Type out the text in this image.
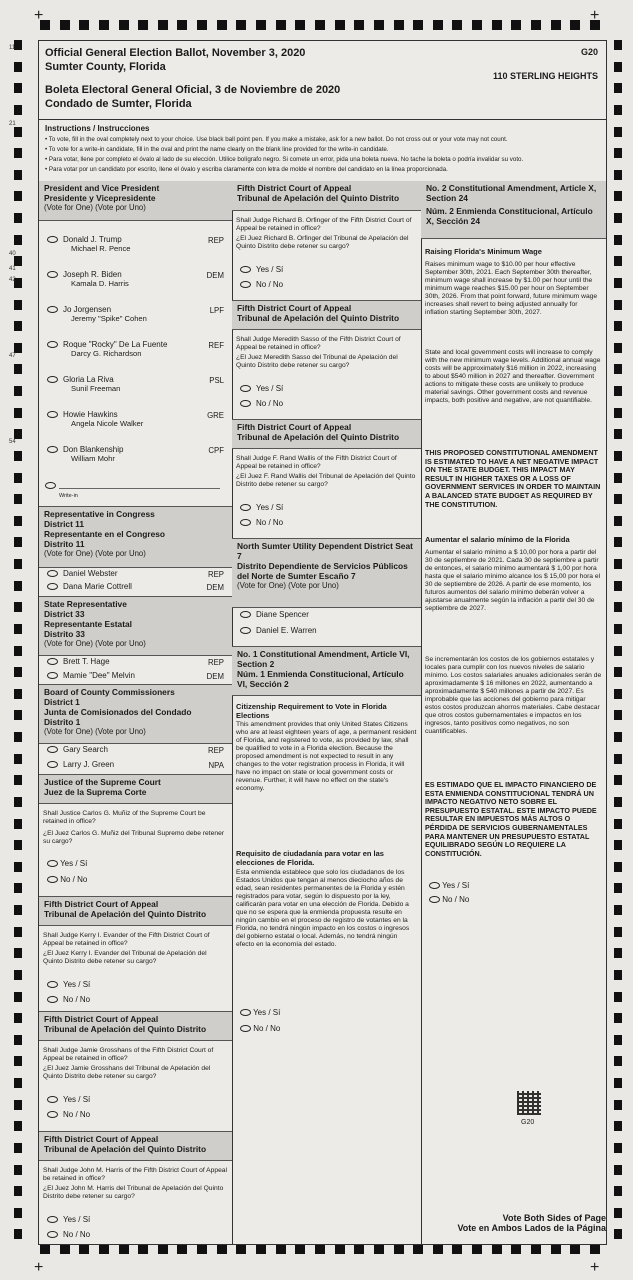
+	+
+	+
11
21
40
41
42
47
54
Official General Election Ballot, November 3, 2020
Sumter County, Florida
Boleta Electoral General Oficial, 3 de Noviembre de 2020
Condado de Sumter, Florida
G20
110 STERLING HEIGHTS
Instructions / Instrucciones
• To vote, fill in the oval completely next to your choice. Use black ball point pen. If you make a mistake, ask for a new ballot. Do not cross out or your vote may not count.
• To vote for a write-in candidate, fill in the oval and print the name clearly on the blank line provided for the write-in candidate.
• Para votar, llene por completo el óvalo al lado de su elección. Utilice bolígrafo negro. Si comete un error, pida una boleta nueva. No tache la boleta o podría invalidar su voto.
• Para votar por un candidato por escrito, llene el óvalo y escriba claramente con letra de molde el nombre del candidato en la línea proporcionada.
President and Vice President
Presidente y Vicepresidente
(Vote for One) (Vote por Uno)
Donald J. Trump
Michael R. Pence
REP
Joseph R. Biden
Kamala D. Harris
DEM
Jo Jorgensen
Jeremy "Spike" Cohen
LPF
Roque "Rocky" De La Fuente
Darcy G. Richardson
REF
Gloria La Riva
Sunil Freeman
PSL
Howie Hawkins
Angela Nicole Walker
GRE
Don Blankenship
William Mohr
CPF
Write-in
Representative in Congress
District 11
Representante en el Congreso
Distrito 11
(Vote for One) (Vote por Uno)
Daniel Webster	REP
Dana Marie Cottrell	DEM
State Representative
District 33
Representante Estatal
Distrito 33
(Vote for One) (Vote por Uno)
Brett T. Hage	REP
Mamie "Dee" Melvin	DEM
Board of County Commissioners
District 1
Junta de Comisionados del Condado
Distrito 1
(Vote for One) (Vote por Uno)
Gary Search	REP
Larry J. Green	NPA
Justice of the Supreme Court
Juez de la Suprema Corte
Shall Justice Carlos G. Muñiz of the Supreme Court be retained in office?
¿El Juez Carlos G. Muñiz del Tribunal Supremo debe retener su cargo?
Yes / Sí
No / No
Fifth District Court of Appeal
Tribunal de Apelación del Quinto Distrito
Shall Judge Kerry I. Evander of the Fifth District Court of Appeal be retained in office?
¿El Juez Kerry I. Evander del Tribunal de Apelación del Quinto Distrito debe retener su cargo?
Yes / Sí
No / No
Fifth District Court of Appeal
Tribunal de Apelación del Quinto Distrito
Shall Judge Jamie Grosshans of the Fifth District Court of Appeal be retained in office?
¿El Juez Jamie Grosshans del Tribunal de Apelación del Quinto Distrito debe retener su cargo?
Yes / Sí
No / No
Fifth District Court of Appeal
Tribunal de Apelación del Quinto Distrito
Shall Judge John M. Harris of the Fifth District Court of Appeal be retained in office?
¿El Juez John M. Harris del Tribunal de Apelación del Quinto Distrito debe retener su cargo?
Yes / Sí
No / No
Fifth District Court of Appeal
Tribunal de Apelación del Quinto Distrito
Shall Judge Richard B. Orfinger of the Fifth District Court of Appeal be retained in office?
¿El Juez Richard B. Orfinger del Tribunal de Apelación del Quinto Distrito debe retener su cargo?
Yes / Sí
No / No
Fifth District Court of Appeal
Tribunal de Apelación del Quinto Distrito
Shall Judge Meredith Sasso of the Fifth District Court of Appeal be retained in office?
¿El Juez Meredith Sasso del Tribunal de Apelación del Quinto Distrito debe retener su cargo?
Yes / Sí
No / No
Fifth District Court of Appeal
Tribunal de Apelación del Quinto Distrito
Shall Judge F. Rand Wallis of the Fifth District Court of Appeal be retained in office?
¿El Juez F. Rand Wallis del Tribunal de Apelación del Quinto Distrito debe retener su cargo?
Yes / Sí
No / No
North Sumter Utility Dependent District Seat 7
Distrito Dependiente de Servicios Públicos del Norte de Sumter Escaño 7
(Vote for One) (Vote por Uno)
Diane Spencer
Daniel E. Warren
No. 1 Constitutional Amendment, Article VI, Section 2
Núm. 1 Enmienda Constitucional, Artículo VI, Sección 2
Citizenship Requirement to Vote in Florida Elections
This amendment provides that only United States Citizens who are at least eighteen years of age, a permanent resident of Florida, and registered to vote, as provided by law, shall be qualified to vote in a Florida election. Because the proposed amendment is not expected to result in any changes to the voter registration process in Florida, it will have no impact on state or local government costs or revenue. Further, it will have no effect on the state's economy.
Requisito de ciudadanía para votar en las elecciones de Florida.
Esta enmienda establece que solo los ciudadanos de los Estados Unidos que tengan al menos dieciocho años de edad, sean residentes permanentes de la Florida y estén registrados para votar, según lo dispuesto por la ley, calificarán para votar en una elección de Florida. Debido a que no se espera que la enmienda propuesta resulte en ningún cambio en el proceso de registro de votantes en la Florida, no tendrá ningún impacto en los costos o ingresos del gobierno estatal o local. Además, no tendrá ningún efecto en la economía del estado.
Yes / Sí
No / No
No. 2 Constitutional Amendment, Article X, Section 24
Núm. 2 Enmienda Constitucional, Artículo X, Sección 24
Raising Florida's Minimum Wage
Raises minimum wage to $10.00 per hour effective September 30th, 2021. Each September 30th thereafter, minimum wage shall increase by $1.00 per hour until the minimum wage reaches $15.00 per hour on September 30th, 2026. From that point forward, future minimum wage increases shall revert to being adjusted annually for inflation starting September 30th, 2027.
State and local government costs will increase to comply with the new minimum wage levels. Additional annual wage costs will be approximately $16 million in 2022, increasing to about $540 million in 2027 and thereafter. Government actions to mitigate these costs are unlikely to produce material savings. Other government costs and revenue impacts, both positive and negative, are not quantifiable.
THIS PROPOSED CONSTITUTIONAL AMENDMENT IS ESTIMATED TO HAVE A NET NEGATIVE IMPACT ON THE STATE BUDGET. THIS IMPACT MAY RESULT IN HIGHER TAXES OR A LOSS OF GOVERNMENT SERVICES IN ORDER TO MAINTAIN A BALANCED STATE BUDGET AS REQUIRED BY THE CONSTITUTION.
Aumentar el salario mínimo de la Florida
Aumentar el salario mínimo a $ 10,00 por hora a partir del 30 de septiembre de 2021. Cada 30 de septiembre a partir de entonces, el salario mínimo aumentará $ 1,00 por hora hasta que el salario mínimo alcance los $ 15,00 por hora el 30 de septiembre de 2026. A partir de ese momento, los futuros aumentos del salario mínimo deberán volver a ajustarse anualmente según la inflación a partir del 30 de septiembre de 2027.
Se incrementarán los costos de los gobiernos estatales y locales para cumplir con los nuevos niveles de salario mínimo. Los costos salariales anuales adicionales serán de aproximadamente $ 16 millones en 2022, aumentando a aproximadamente $ 540 millones a partir de 2027. Es improbable que las acciones del gobierno para mitigar estos costos produzcan ahorros materiales. Cabe destacar que otros costos gubernamentales e impactos en los ingresos, tanto positivos como negativos, no son cuantificables.
ES ESTIMADO QUE EL IMPACTO FINANCIERO DE ESTA ENMIENDA CONSTITUCIONAL TENDRÁ UN IMPACTO NEGATIVO NETO SOBRE EL PRESUPUESTO ESTATAL. ESTE IMPACTO PUEDE RESULTAR EN IMPUESTOS MÁS ALTOS O PÉRDIDA DE SERVICIOS GUBERNAMENTALES PARA MANTENER UN PRESUPUESTO ESTATAL EQUILIBRADO SEGÚN LO REQUIERE LA CONSTITUCIÓN.
Yes / Sí
No / No
G20
Vote Both Sides of Page
Vote en Ambos Lados de la Página
